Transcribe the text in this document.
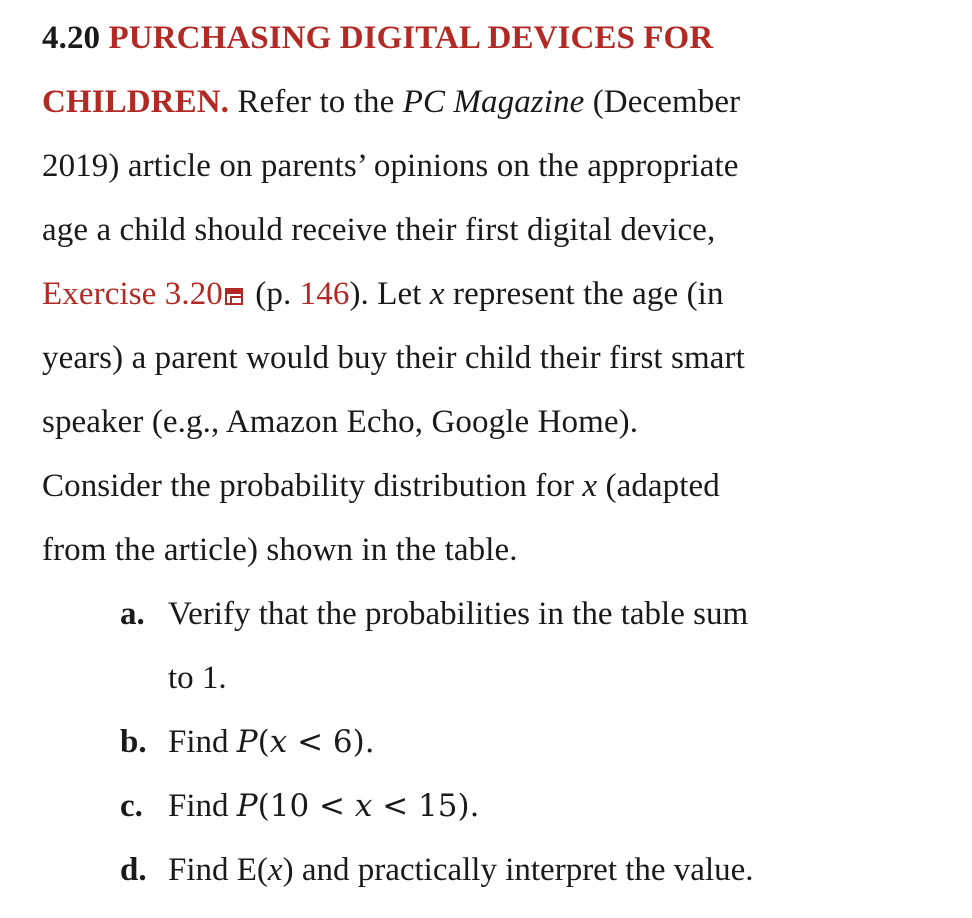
4.20 PURCHASING DIGITAL DEVICES FOR
CHILDREN. Refer to the PC Magazine (December
2019) article on parents’ opinions on the appropriate
age a child should receive their first digital device,
Exercise 3.20
(p. 146). Let x represent the age (in
years) a parent would buy their child their first smart
speaker (e.g., Amazon Echo, Google Home).
Consider the probability distribution for x (adapted
from the article) shown in the table.
a. Verify that the probabilities in the table sum
to 1.
b. Find P(x < 6).
c. Find P(10 < x < 15).
d. Find E(x) and practically interpret the value.
